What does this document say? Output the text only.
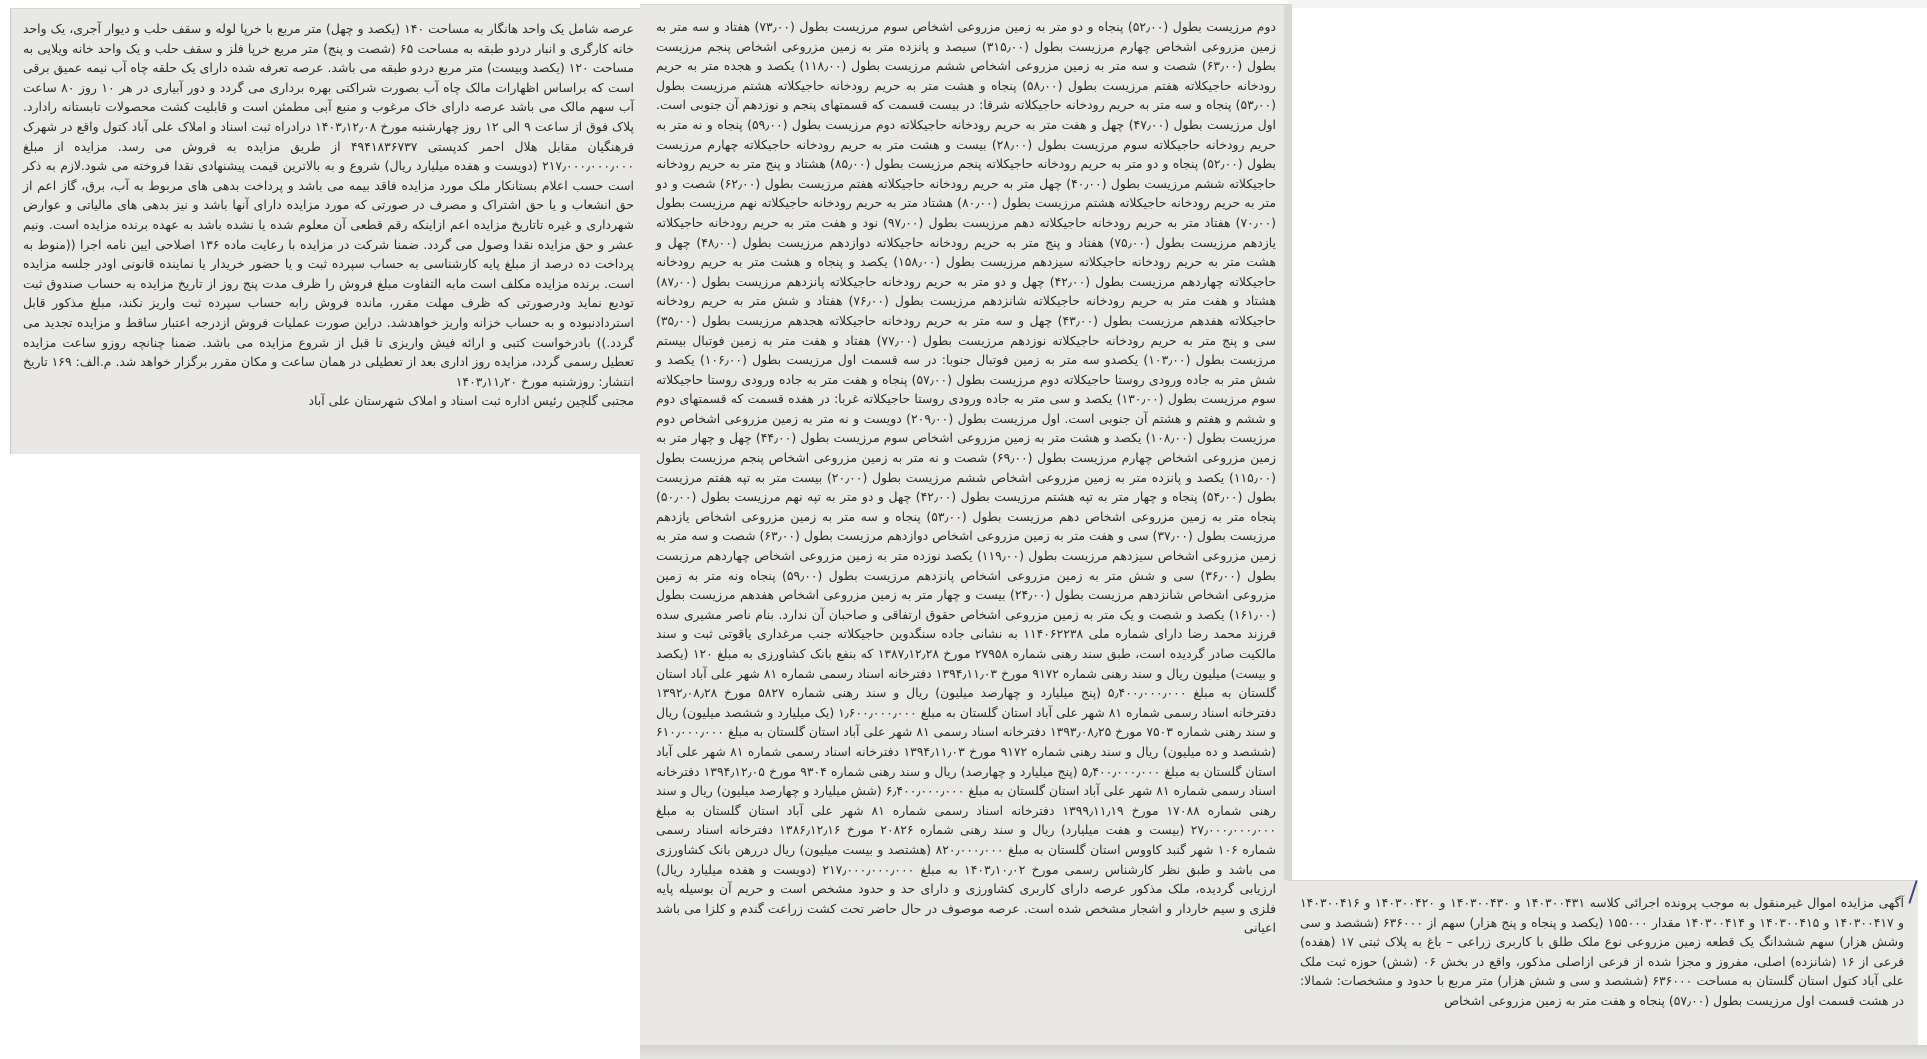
عرصه شامل یک واحد هانگار به مساحت ۱۴۰ (یکصد و چهل) متر مربع با خرپا لوله و سقف حلب و دیوار آجری، یک واحد خانه کارگری و انبار دردو طبقه به مساحت ۶۵ (شصت و پنج) متر مربع خرپا فلز و سقف حلب و یک واحد خانه ویلایی به مساحت ۱۲۰ (یکصد وبیست) متر مربع دردو طبقه می باشد. عرصه تعرفه شده دارای یک حلقه چاه آب نیمه عمیق برقی است که براساس اظهارات مالک چاه آب بصورت شراکتی بهره برداری می گردد و دور آبیاری در هر ۱۰ روز ۸۰ ساعت آب سهم مالک می باشد عرصه دارای خاک مرغوب و منبع آبی مطمئن است و قابلیت کشت محصولات تابستانه رادارد. پلاک فوق از ساعت ۹ الی ۱۲ روز چهارشنبه مورخ ۱۴۰۳٫۱۲٫۰۸ درادراه ثبت اسناد و املاک علی آباد کتول واقع در شهرک فرهنگیان مقابل هلال احمر کدپستی ۴۹۴۱۸۳۶۷۳۷ از طریق مزایده به فروش می رسد. مزایده از مبلغ ۲۱۷٫۰۰۰٫۰۰۰٫۰۰۰ (دویست و هفده میلیارد ریال) شروع و به بالاترین قیمت پیشنهادی نقدا فروخته می شود.لازم به ذکر است حسب اعلام بستانکار ملک مورد مزایده فاقد بیمه می باشد و پرداخت بدهی های مربوط به آب، برق، گاز اعم از حق انشعاب و یا حق اشتراک و مصرف در صورتی که مورد مزایده دارای آنها باشد و نیز بدهی های مالیاتی و عوارض شهرداری و غیره تاتاریخ مزایده اعم ازاینکه رقم قطعی آن معلوم شده یا نشده باشد به عهده برنده مزایده است. ونیم عشر و حق مزایده نقدا وصول می گردد. ضمنا شرکت در مزایده با رعایت ماده ۱۳۶ اصلاحی ایین نامه اجرا ((منوط به پرداخت ده درصد از مبلغ پایه کارشناسی به حساب سپرده ثبت و یا حضور خریدار یا نماینده قانونی اودر جلسه مزایده است. برنده مزایده مکلف است مابه التفاوت مبلغ فروش را ظرف مدت پنج روز از تاریخ مزایده به حساب صندوق ثبت تودیع نماید ودرصورتی که ظرف مهلت مقرر، مانده فروش رابه حساب سپرده ثبت واریز نکند، مبلغ مذکور قابل استردادنبوده و به حساب خزانه واریز خواهدشد. دراین صورت عملیات فروش ازدرجه اعتبار ساقط و مزایده تجدید می گردد.)) بادرخواست کتبی و ارائه فیش واریزی تا قبل از شروع مزایده می باشد. ضمنا چنانچه روزو ساعت مزایده تعطیل رسمی گردد، مزایده روز اداری بعد از تعطیلی در همان ساعت و مکان مقرر برگزار خواهد شد. م.الف: ۱۶۹ تاریخ انتشار: روزشنبه مورخ ۱۴۰۳٫۱۱٫۲۰

مجتبی گلچین رئیس اداره ثبت اسناد و املاک شهرستان علی آباد

دوم مرزیست بطول (۵۲٫۰۰) پنجاه و دو متر به زمین مزروعی اشخاص سوم مرزیست بطول (۷۳٫۰۰) هفتاد و سه متر به زمین مزروعی اشخاص چهارم مرزیست بطول (۳۱۵٫۰۰) سیصد و پانزده متر به زمین مزروعی اشخاص پنجم مرزیست بطول (۶۳٫۰۰) شصت و سه متر به زمین مزروعی اشخاص ششم مرزیست بطول (۱۱۸٫۰۰) یکصد و هجده متر به حریم رودخانه حاجیکلاته هفتم مرزیست بطول (۵۸٫۰۰) پنجاه و هشت متر به حریم رودخانه حاجیکلاته هشتم مرزیست بطول (۵۳٫۰۰) پنجاه و سه متر به حریم رودخانه حاجیکلاته شرقا: در بیست قسمت که قسمتهای پنجم و نوزدهم آن جنوبی است. اول مرزیست بطول (۴۷٫۰۰) چهل و هفت متر به حریم رودخانه حاجیکلاته دوم مرزیست بطول (۵۹٫۰۰) پنجاه و نه متر به حریم رودخانه حاجیکلاته سوم مرزیست بطول (۲۸٫۰۰) بیست و هشت متر به حریم رودخانه حاجیکلاته چهارم مرزیست بطول (۵۲٫۰۰) پنجاه و دو متر به حریم رودخانه حاجیکلاته پنجم مرزیست بطول (۸۵٫۰۰) هشتاد و پنج متر به حریم رودخانه حاجیکلاته ششم مرزیست بطول (۴۰٫۰۰) چهل متر به حریم رودخانه حاجیکلاته هفتم مرزیست بطول (۶۲٫۰۰) شصت و دو متر به حریم رودخانه حاجیکلاته هشتم مرزیست بطول (۸۰٫۰۰) هشتاد متر به حریم رودخانه حاجیکلاته نهم مرزیست بطول (۷۰٫۰۰) هفتاد متر به حریم رودخانه حاجیکلاته دهم مرزیست بطول (۹۷٫۰۰) نود و هفت متر به حریم رودخانه حاجیکلاته یازدهم مرزیست بطول (۷۵٫۰۰) هفتاد و پنج متر به حریم رودخانه حاجیکلاته دوازدهم مرزیست بطول (۴۸٫۰۰) چهل و هشت متر به حریم رودخانه حاجیکلاته سیزدهم مرزیست بطول (۱۵۸٫۰۰) یکصد و پنجاه و هشت متر به حریم رودخانه حاجیکلاته چهاردهم مرزیست بطول (۴۲٫۰۰) چهل و دو متر به حریم رودخانه حاجیکلاته پانزدهم مرزیست بطول (۸۷٫۰۰) هشتاد و هفت متر به حریم رودخانه حاجیکلاته شانزدهم مرزیست بطول (۷۶٫۰۰) هفتاد و شش متر به حریم رودخانه حاجیکلاته هفدهم مرزیست بطول (۴۳٫۰۰) چهل و سه متر به حریم رودخانه حاجیکلاته هجدهم مرزیست بطول (۳۵٫۰۰) سی و پنج متر به حریم رودخانه حاجیکلاته نوزدهم مرزیست بطول (۷۷٫۰۰) هفتاد و هفت متر به زمین فوتبال بیستم مرزیست بطول (۱۰۳٫۰۰) یکصدو سه متر به زمین فوتبال جنوبا: در سه قسمت اول مرزیست بطول (۱۰۶٫۰۰) یکصد و شش متر به جاده ورودی روستا حاجیکلاته دوم مرزیست بطول (۵۷٫۰۰) پنجاه و هفت متر به جاده ورودی روستا حاجیکلاته سوم مرزیست بطول (۱۳۰٫۰۰) یکصد و سی متر به جاده ورودی روستا حاجیکلاته غربا: در هفده قسمت که قسمتهای دوم و ششم و هفتم و هشتم آن جنوبی است. اول مرزیست بطول (۲۰۹٫۰۰) دویست و نه متر به زمین مزروعی اشخاص دوم مرزیست بطول (۱۰۸٫۰۰) یکصد و هشت متر به زمین مزروعی اشخاص سوم مرزیست بطول (۴۴٫۰۰) چهل و چهار متر به زمین مزروعی اشخاص چهارم مرزیست بطول (۶۹٫۰۰) شصت و نه متر به زمین مزروعی اشخاص پنجم مرزیست بطول (۱۱۵٫۰۰) یکصد و پانزده متر به زمین مزروعی اشخاص ششم مرزیست بطول (۲۰٫۰۰) بیست متر به تپه هفتم مرزیست بطول (۵۴٫۰۰) پنجاه و چهار متر به تپه هشتم مرزیست بطول (۴۲٫۰۰) چهل و دو متر به تپه نهم مرزیست بطول (۵۰٫۰۰) پنجاه متر به زمین مزروعی اشخاص دهم مرزیست بطول (۵۳٫۰۰) پنجاه و سه متر به زمین مزروعی اشخاص یازدهم مرزیست بطول (۳۷٫۰۰) سی و هفت متر به زمین مزروعی اشخاص دوازدهم مرزیست بطول (۶۳٫۰۰) شصت و سه متر به زمین مزروعی اشخاص سیزدهم مرزیست بطول (۱۱۹٫۰۰) یکصد نوزده متر به زمین مزروعی اشخاص چهاردهم مرزیست بطول (۳۶٫۰۰) سی و شش متر به زمین مزروعی اشخاص پانزدهم مرزیست بطول (۵۹٫۰۰) پنجاه ونه متر به زمین مزروعی اشخاص شانزدهم مرزیست بطول (۲۴٫۰۰) بیست و چهار متر به زمین مزروعی اشخاص هفدهم مرزیست بطول (۱۶۱٫۰۰) یکصد و شصت و یک متر به زمین مزروعی اشخاص حقوق ارتفاقی و صاحبان آن ندارد. بنام ناصر مشیری سده فرزند محمد رضا دارای شماره ملی ۱۱۴۰۶۲۲۳۸ به نشانی جاده سنگدوین حاجیکلاته جنب مرغداری یاقوتی ثبت و سند مالکیت صادر گردیده است، طبق سند رهنی شماره ۲۷۹۵۸ مورخ ۱۳۸۷٫۱۲٫۲۸ که بنفع بانک کشاورزی به مبلغ ۱۲۰ (یکصد و بیست) میلیون ریال و سند رهنی شماره ۹۱۷۲ مورخ ۱۳۹۴٫۱۱٫۰۳ دفترخانه اسناد رسمی شماره ۸۱ شهر علی آباد استان گلستان به مبلغ ۵٫۴۰۰٫۰۰۰٫۰۰۰ (پنج میلیارد و چهارصد میلیون) ریال و سند رهنی شماره ۵۸۲۷ مورخ ۱۳۹۲٫۰۸٫۲۸ دفترخانه اسناد رسمی شماره ۸۱ شهر علی آباد استان گلستان به مبلغ ۱٫۶۰۰٫۰۰۰٫۰۰۰ (یک میلیارد و ششصد میلیون) ریال و سند رهنی شماره ۷۵۰۳ مورخ ۱۳۹۳٫۰۸٫۲۵ دفترخانه اسناد رسمی ۸۱ شهر علی آباد استان گلستان به مبلغ ۶۱۰٫۰۰۰٫۰۰۰ (ششصد و ده میلیون) ریال و سند رهنی شماره ۹۱۷۲ مورخ ۱۳۹۴٫۱۱٫۰۳ دفترخانه اسناد رسمی شماره ۸۱ شهر علی آباد استان گلستان به مبلغ ۵٫۴۰۰٫۰۰۰٫۰۰۰ (پنج میلیارد و چهارصد) ریال و سند رهنی شماره ۹۳۰۴ مورخ ۱۳۹۴٫۱۲٫۰۵ دفترخانه اسناد رسمی شماره ۸۱ شهر علی آباد استان گلستان به مبلغ ۶٫۴۰۰٫۰۰۰٫۰۰۰ (شش میلیارد و چهارصد میلیون) ریال و سند رهنی شماره ۱۷۰۸۸ مورخ ۱۳۹۹٫۱۱٫۱۹ دفترخانه اسناد رسمی شماره ۸۱ شهر علی آباد استان گلستان به مبلغ ۲۷٫۰۰۰٫۰۰۰٫۰۰۰ (بیست و هفت میلیارد) ریال و سند رهنی شماره ۲۰۸۲۶ مورخ ۱۳۸۶٫۱۲٫۱۶ دفترخانه اسناد رسمی شماره ۱۰۶ شهر گنبد کاووس استان گلستان به مبلغ ۸۲۰٫۰۰۰٫۰۰۰ (هشتصد و بیست میلیون) ریال دررهن بانک کشاورزی می باشد و طبق نظر کارشناس رسمی مورخ ۱۴۰۳٫۱۰٫۰۲ به مبلغ ۲۱۷٫۰۰۰٫۰۰۰٫۰۰۰ (دویست و هفده میلیارد ریال) ارزیابی گردیده، ملک مذکور عرصه دارای کاربری کشاورزی و دارای حد و حدود مشخص است و حریم آن بوسیله پایه فلزی و سیم خاردار و اشجار مشخص شده است. عرصه موصوف در حال حاضر تحت کشت زراعت گندم و کلزا می باشد اعیانی

آگهی مزایده اموال غیرمنقول به موجب پرونده اجرائی کلاسه ۱۴۰۳۰۰۴۳۱ و ۱۴۰۳۰۰۴۳۰ و ۱۴۰۳۰۰۴۲۰ و ۱۴۰۳۰۰۴۱۶ و ۱۴۰۳۰۰۴۱۷ و ۱۴۰۳۰۰۴۱۵ و ۱۴۰۳۰۰۴۱۴ مقدار ۱۵۵۰۰۰ (یکصد و پنجاه و پنج هزار) سهم از ۶۳۶۰۰۰ (ششصد و سی وشش هزار) سهم ششدانگ یک قطعه زمین مزروعی نوع ملک طلق با کاربری زراعی – باغ به پلاک ثبتی ۱۷ (هفده) فرعی از ۱۶ (شانزده) اصلی، مفروز و مجزا شده از فرعی ازاصلی مذکور، واقع در بخش ۰۶ (شش) حوزه ثبت ملک علی آباد کتول استان گلستان به مساحت ۶۳۶۰۰۰ (ششصد و سی و شش هزار) متر مربع با حدود و مشخصات: شمالا: در هشت قسمت اول مرزیست بطول (۵۷٫۰۰) پنجاه و هفت متر به زمین مزروعی اشخاص
